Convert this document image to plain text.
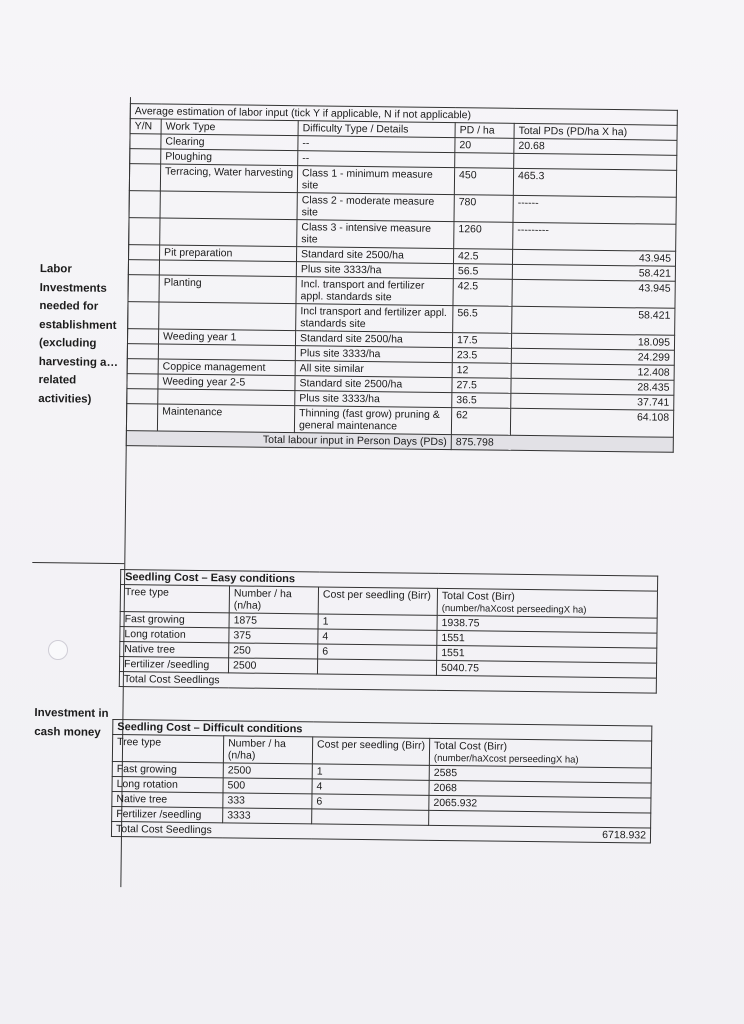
Labor Investments needed for establishment (excluding harvesting a… related activities)
Investment in cash money
Average estimation of labor input (tick Y if applicable, N if not applicable)				
Y/N	Work Type	Difficulty Type / Details	PD / ha	Total PDs (PD/ha X ha)
	Clearing	--	20	20.68
	Ploughing	--		
	Terracing, Water harvesting	Class 1 - minimum measure site	450	465.3
		Class 2 - moderate measure site	780	------
		Class 3 - intensive measure site	1260	---------
	Pit preparation	Standard site 2500/ha	42.5	43.945
		Plus site 3333/ha	56.5	58.421
	Planting	Incl. transport and fertilizer appl. standards site	42.5	43.945
		Incl transport and fertilizer appl. standards site	56.5	58.421
	Weeding year 1	Standard site 2500/ha	17.5	18.095
		Plus site 3333/ha	23.5	24.299
	Coppice management	All site similar	12	12.408
	Weeding year 2-5	Standard site 2500/ha	27.5	28.435
		Plus site 3333/ha	36.5	37.741
	Maintenance	Thinning (fast grow) pruning & general maintenance	62	64.108
Total labour input in Person Days (PDs)			875.798	
Seedling Cost – Easy conditions			
Tree type	Number / ha (n/ha)	Cost per seedling (Birr)	Total Cost (Birr)
(number/haXcost perseedingX ha)
Fast growing	1875	1	1938.75
Long rotation	375	4	1551
Native tree	250	6	1551
Fertilizer /seedling	2500		5040.75
Total Cost Seedlings			
Seedling Cost – Difficult conditions			
Tree type	Number / ha (n/ha)	Cost per seedling (Birr)	Total Cost (Birr)
(number/haXcost perseedingX ha)
Fast growing	2500	1	2585
Long rotation	500	4	2068
Native tree	333	6	2065.932
Fertilizer /seedling	3333		
Total Cost Seedlings 6718.932			
